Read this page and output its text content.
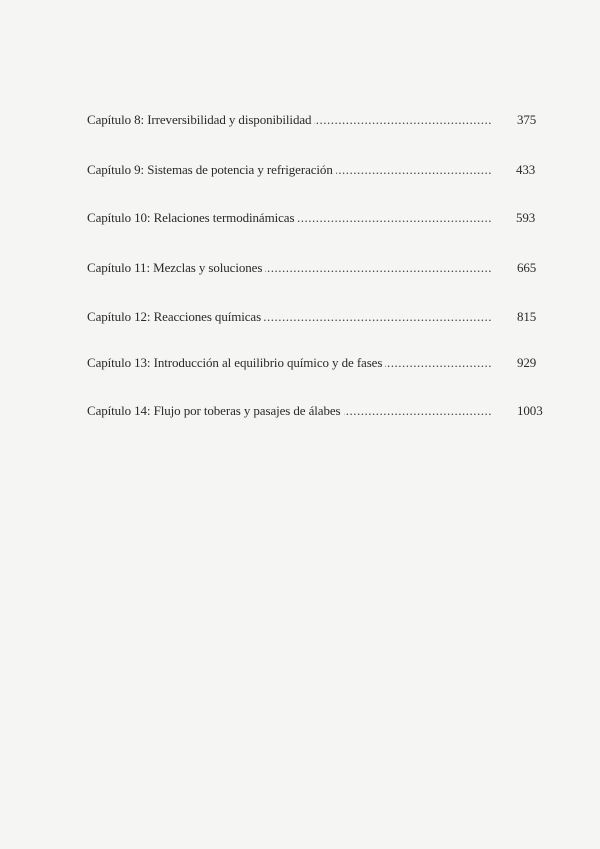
.....
Capítulo 8: Irreversibilidad y disponibilidad	375
.....
Capítulo 9: Sistemas de potencia y refrigeración	433
.....
Capítulo 10: Relaciones termodinámicas	593
.....
Capítulo 11: Mezclas y soluciones	665
.....
Capítulo 12: Reacciones químicas	815
.....
Capítulo 13: Introducción al equilibrio químico y de fases	929
.....
Capítulo 14: Flujo por toberas y pasajes de álabes	1003
